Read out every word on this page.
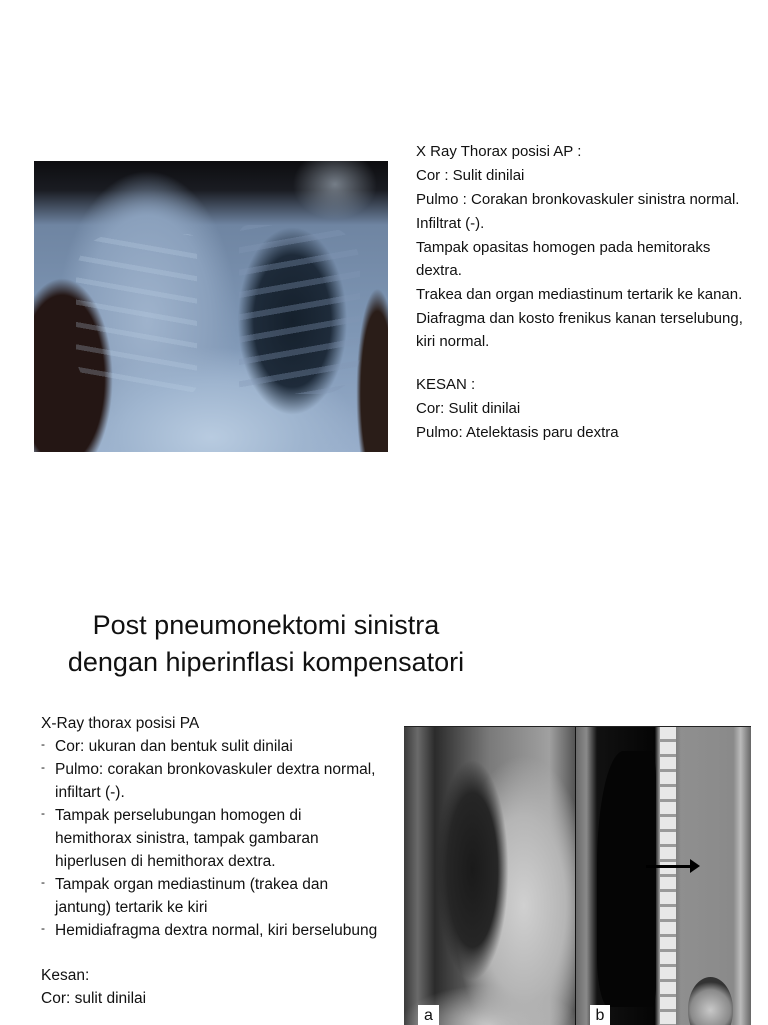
X Ray Thorax posisi AP :

Cor : Sulit dinilai

Pulmo : Corakan bronkovaskuler sinistra normal.

Infiltrat (-).

Tampak opasitas homogen pada hemitoraks dextra.

Trakea dan organ mediastinum tertarik ke kanan.

Diafragma dan kosto frenikus kanan terselubung, kiri normal.

KESAN :

Cor: Sulit dinilai

Pulmo: Atelektasis paru dextra

Post pneumonektomi sinistra
dengan hiperinflasi kompensatori
X-Ray thorax posisi PA
- Cor: ukuran dan bentuk sulit dinilai
- Pulmo: corakan bronkovaskuler dextra normal, infiltart (-).
- Tampak perselubungan homogen di hemithorax sinistra, tampak gambaran hiperlusen di hemithorax dextra.
- Tampak organ mediastinum (trakea dan jantung) tertarik ke kiri
- Hemidiafragma dextra normal, kiri berselubung
Kesan:
Cor: sulit dinilai
a	b
